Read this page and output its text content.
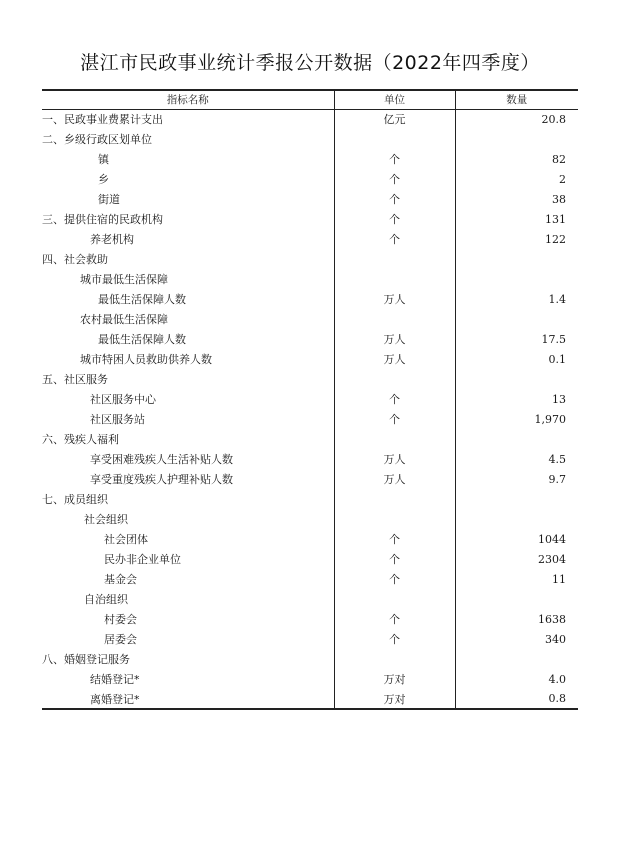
湛江市民政事业统计季报公开数据（2022年四季度）
指标名称	单位	数量
一、民政事业费累计支出	亿元	20.8
二、乡级行政区划单位		
镇	个	82
乡	个	2
街道	个	38
三、提供住宿的民政机构	个	131
养老机构	个	122
四、社会救助		
城市最低生活保障		
最低生活保障人数	万人	1.4
农村最低生活保障		
最低生活保障人数	万人	17.5
城市特困人员救助供养人数	万人	0.1
五、社区服务		
社区服务中心	个	13
社区服务站	个	1,970
六、残疾人福利		
享受困难残疾人生活补贴人数	万人	4.5
享受重度残疾人护理补贴人数	万人	9.7
七、成员组织		
社会组织		
社会团体	个	1044
民办非企业单位	个	2304
基金会	个	11
自治组织		
村委会	个	1638
居委会	个	340
八、婚姻登记服务		
结婚登记*	万对	4.0
离婚登记*	万对	0.8
